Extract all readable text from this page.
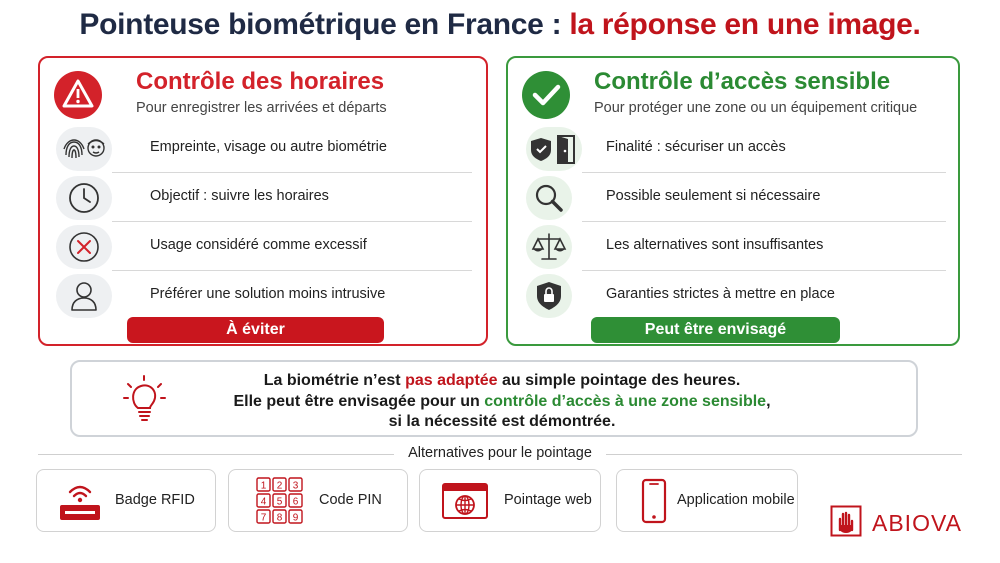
Pointeuse biométrique en France : la réponse en une image.
Contrôle des horaires
Pour enregistrer les arrivées et départs
Empreinte, visage ou autre biométrie
Objectif : suivre les horaires
Usage considéré comme excessif
Préférer une solution moins intrusive
À éviter
Contrôle d’accès sensible
Pour protéger une zone ou un équipement critique
Finalité : sécuriser un accès
Possible seulement si nécessaire
Les alternatives sont insuffisantes
Garanties strictes à mettre en place
Peut être envisagé
La biométrie n’est pas adaptée au simple pointage des heures.
Elle peut être envisagée pour un contrôle d’accès à une zone sensible,
si la nécessité est démontrée.
Alternatives pour le pointage
Badge RFID
1 2 3
4 5 6
7 8 9
Code PIN	Pointage web	Application mobile
ABIOVA
